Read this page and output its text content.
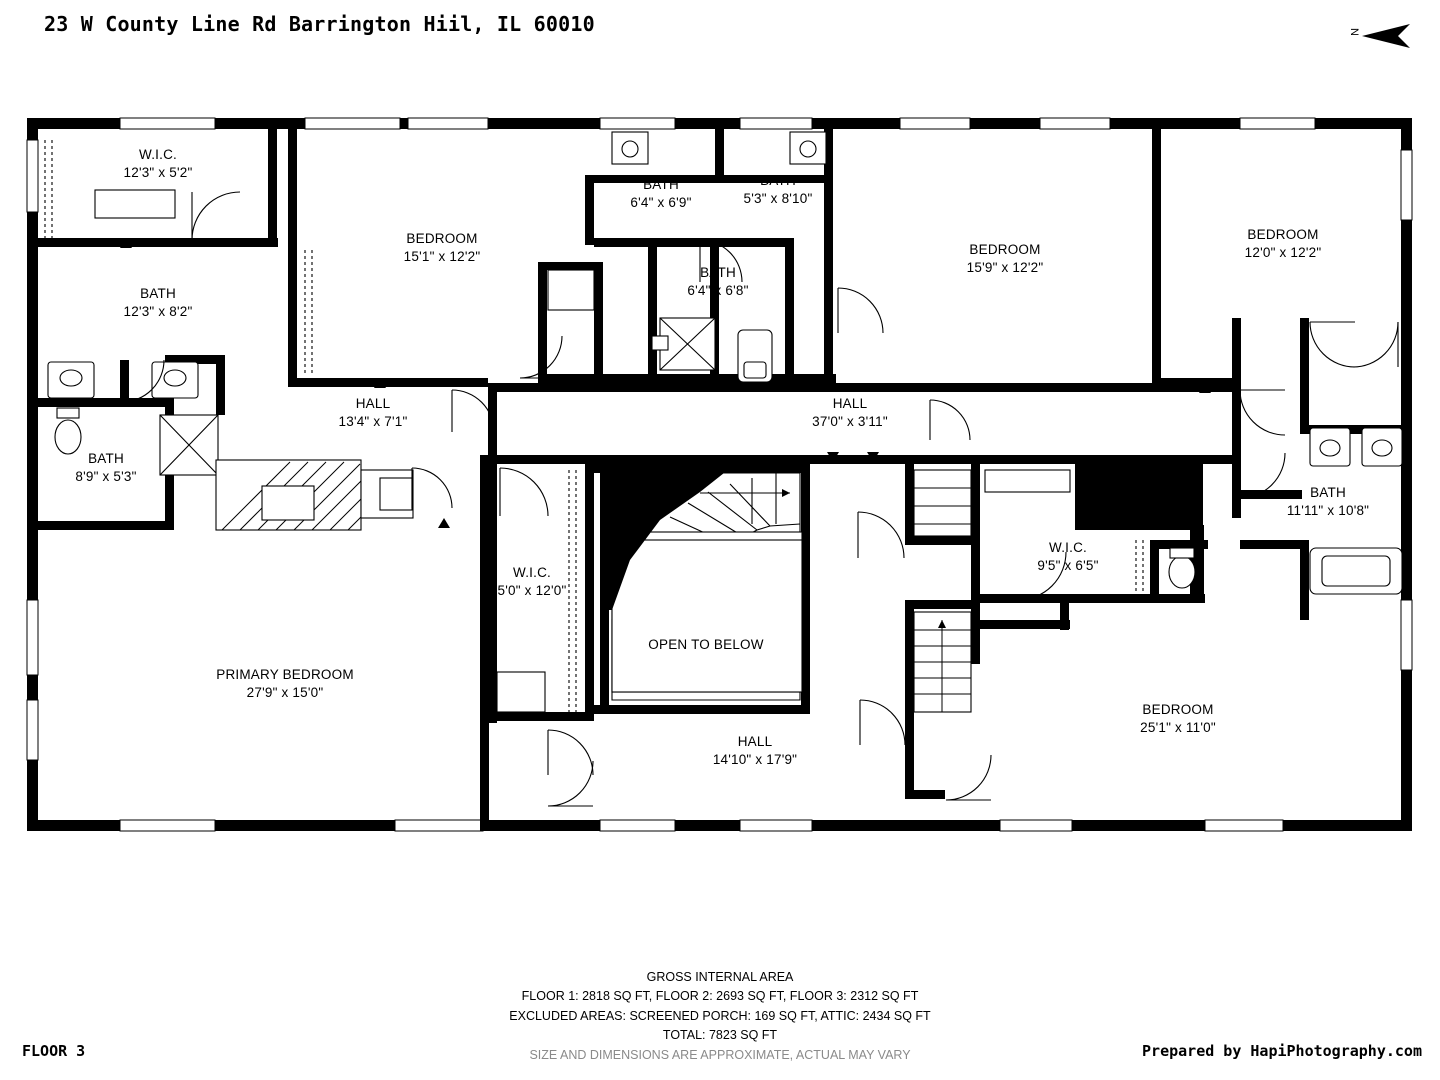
23 W County Line Rd Barrington Hiil, IL 60010	N
W.I.C.
12'3" x 5'2"
BATH
12'3" x 8'2"
BATH
8'9" x 5'3"
BEDROOM
15'1" x 12'2"
BATH
6'4" x 6'9"
BATH
5'3" x 8'10"
BATH
6'4" x 6'8"
BEDROOM
15'9" x 12'2"
BEDROOM
12'0" x 12'2"
HALL
13'4" x 7'1"
HALL
37'0" x 3'11"
BATH
11'11" x 10'8"
W.I.C.
9'5" x 6'5"
W.I.C.
5'0" x 12'0"
PRIMARY BEDROOM
27'9" x 15'0"
BEDROOM
25'1" x 11'0"
HALL
14'10" x 17'9"
OPEN TO BELOW
GROSS INTERNAL AREA
FLOOR 1: 2818 SQ FT, FLOOR 2: 2693 SQ FT, FLOOR 3: 2312 SQ FT
EXCLUDED AREAS: SCREENED PORCH: 169 SQ FT, ATTIC: 2434 SQ FT
TOTAL: 7823 SQ FT
SIZE AND DIMENSIONS ARE APPROXIMATE, ACTUAL MAY VARY
FLOOR 3	Prepared by HapiPhotography.com
